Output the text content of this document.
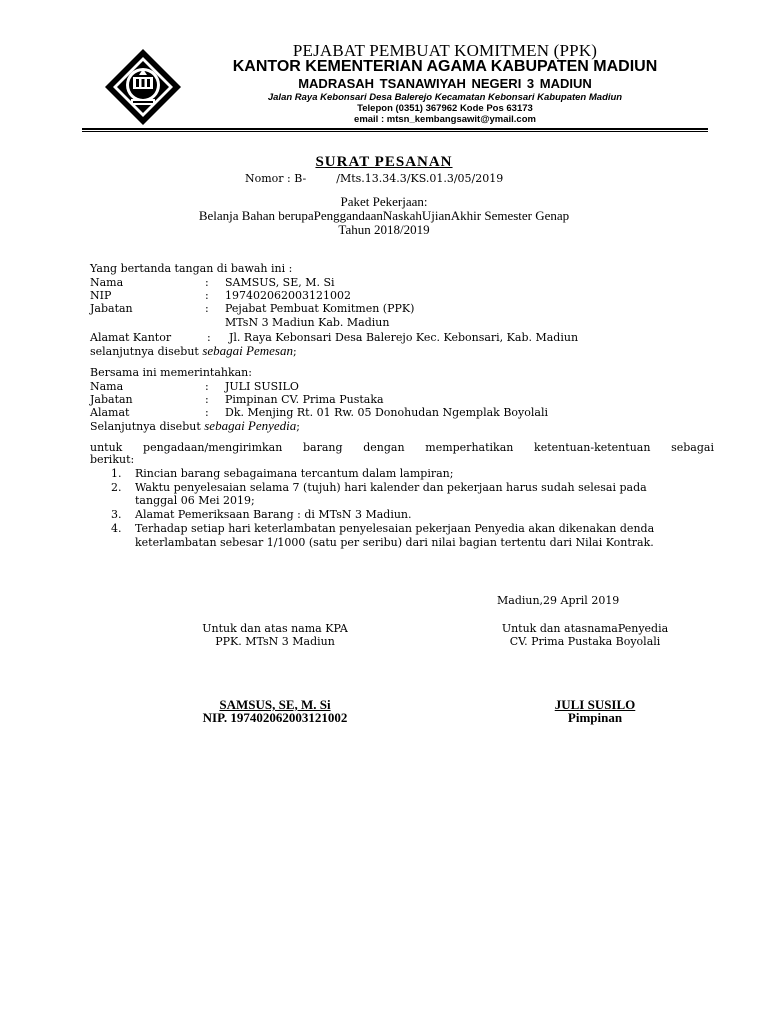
PEJABAT PEMBUAT KOMITMEN (PPK)
KANTOR KEMENTERIAN AGAMA KABUPATEN MADIUN
MADRASAH TSANAWIYAH NEGERI 3 MADIUN
Jalan Raya Kebonsari Desa Balerejo Kecamatan Kebonsari Kabupaten Madiun
Telepon (0351) 367962 Kode Pos 63173
email : mtsn_kembangsawit@ymail.com
SURAT PESANAN
Nomor : B-	/Mts.13.34.3/KS.01.3/05/2019
Paket Pekerjaan:
Belanja Bahan berupaPenggandaanNaskahUjianAkhir Semester Genap
Tahun 2018/2019
Yang bertanda tangan di bawah ini :
Nama	: SAMSUS, SE, M. Si
NIP	: 197402062003121002
Jabatan	: Pejabat Pembuat Komitmen (PPK)
MTsN 3 Madiun Kab. Madiun
Alamat Kantor	: Jl. Raya Kebonsari Desa Balerejo Kec. Kebonsari, Kab. Madiun
selanjutnya disebut sebagai Pemesan;
Bersama ini memerintahkan:
Nama	: JULI SUSILO
Jabatan	: Pimpinan CV. Prima Pustaka
Alamat	: Dk. Menjing Rt. 01 Rw. 05 Donohudan Ngemplak Boyolali
Selanjutnya disebut sebagai Penyedia;
untuk pengadaan/mengirimkan barang dengan memperhatikan ketentuan-ketentuan sebagai
berikut:
1. Rincian barang sebagaimana tercantum dalam lampiran;
2. Waktu penyelesaian selama 7 (tujuh) hari kalender dan pekerjaan harus sudah selesai pada
tanggal 06 Mei 2019;
3. Alamat Pemeriksaan Barang : di MTsN 3 Madiun.
4. Terhadap setiap hari keterlambatan penyelesaian pekerjaan Penyedia akan dikenakan denda
keterlambatan sebesar 1/1000 (satu per seribu) dari nilai bagian tertentu dari Nilai Kontrak.
Madiun,29 April 2019
Untuk dan atas nama KPA
PPK. MTsN 3 Madiun
Untuk dan atasnamaPenyedia
CV. Prima Pustaka Boyolali
SAMSUS, SE, M. Si
NIP. 197402062003121002
JULI SUSILO
Pimpinan
